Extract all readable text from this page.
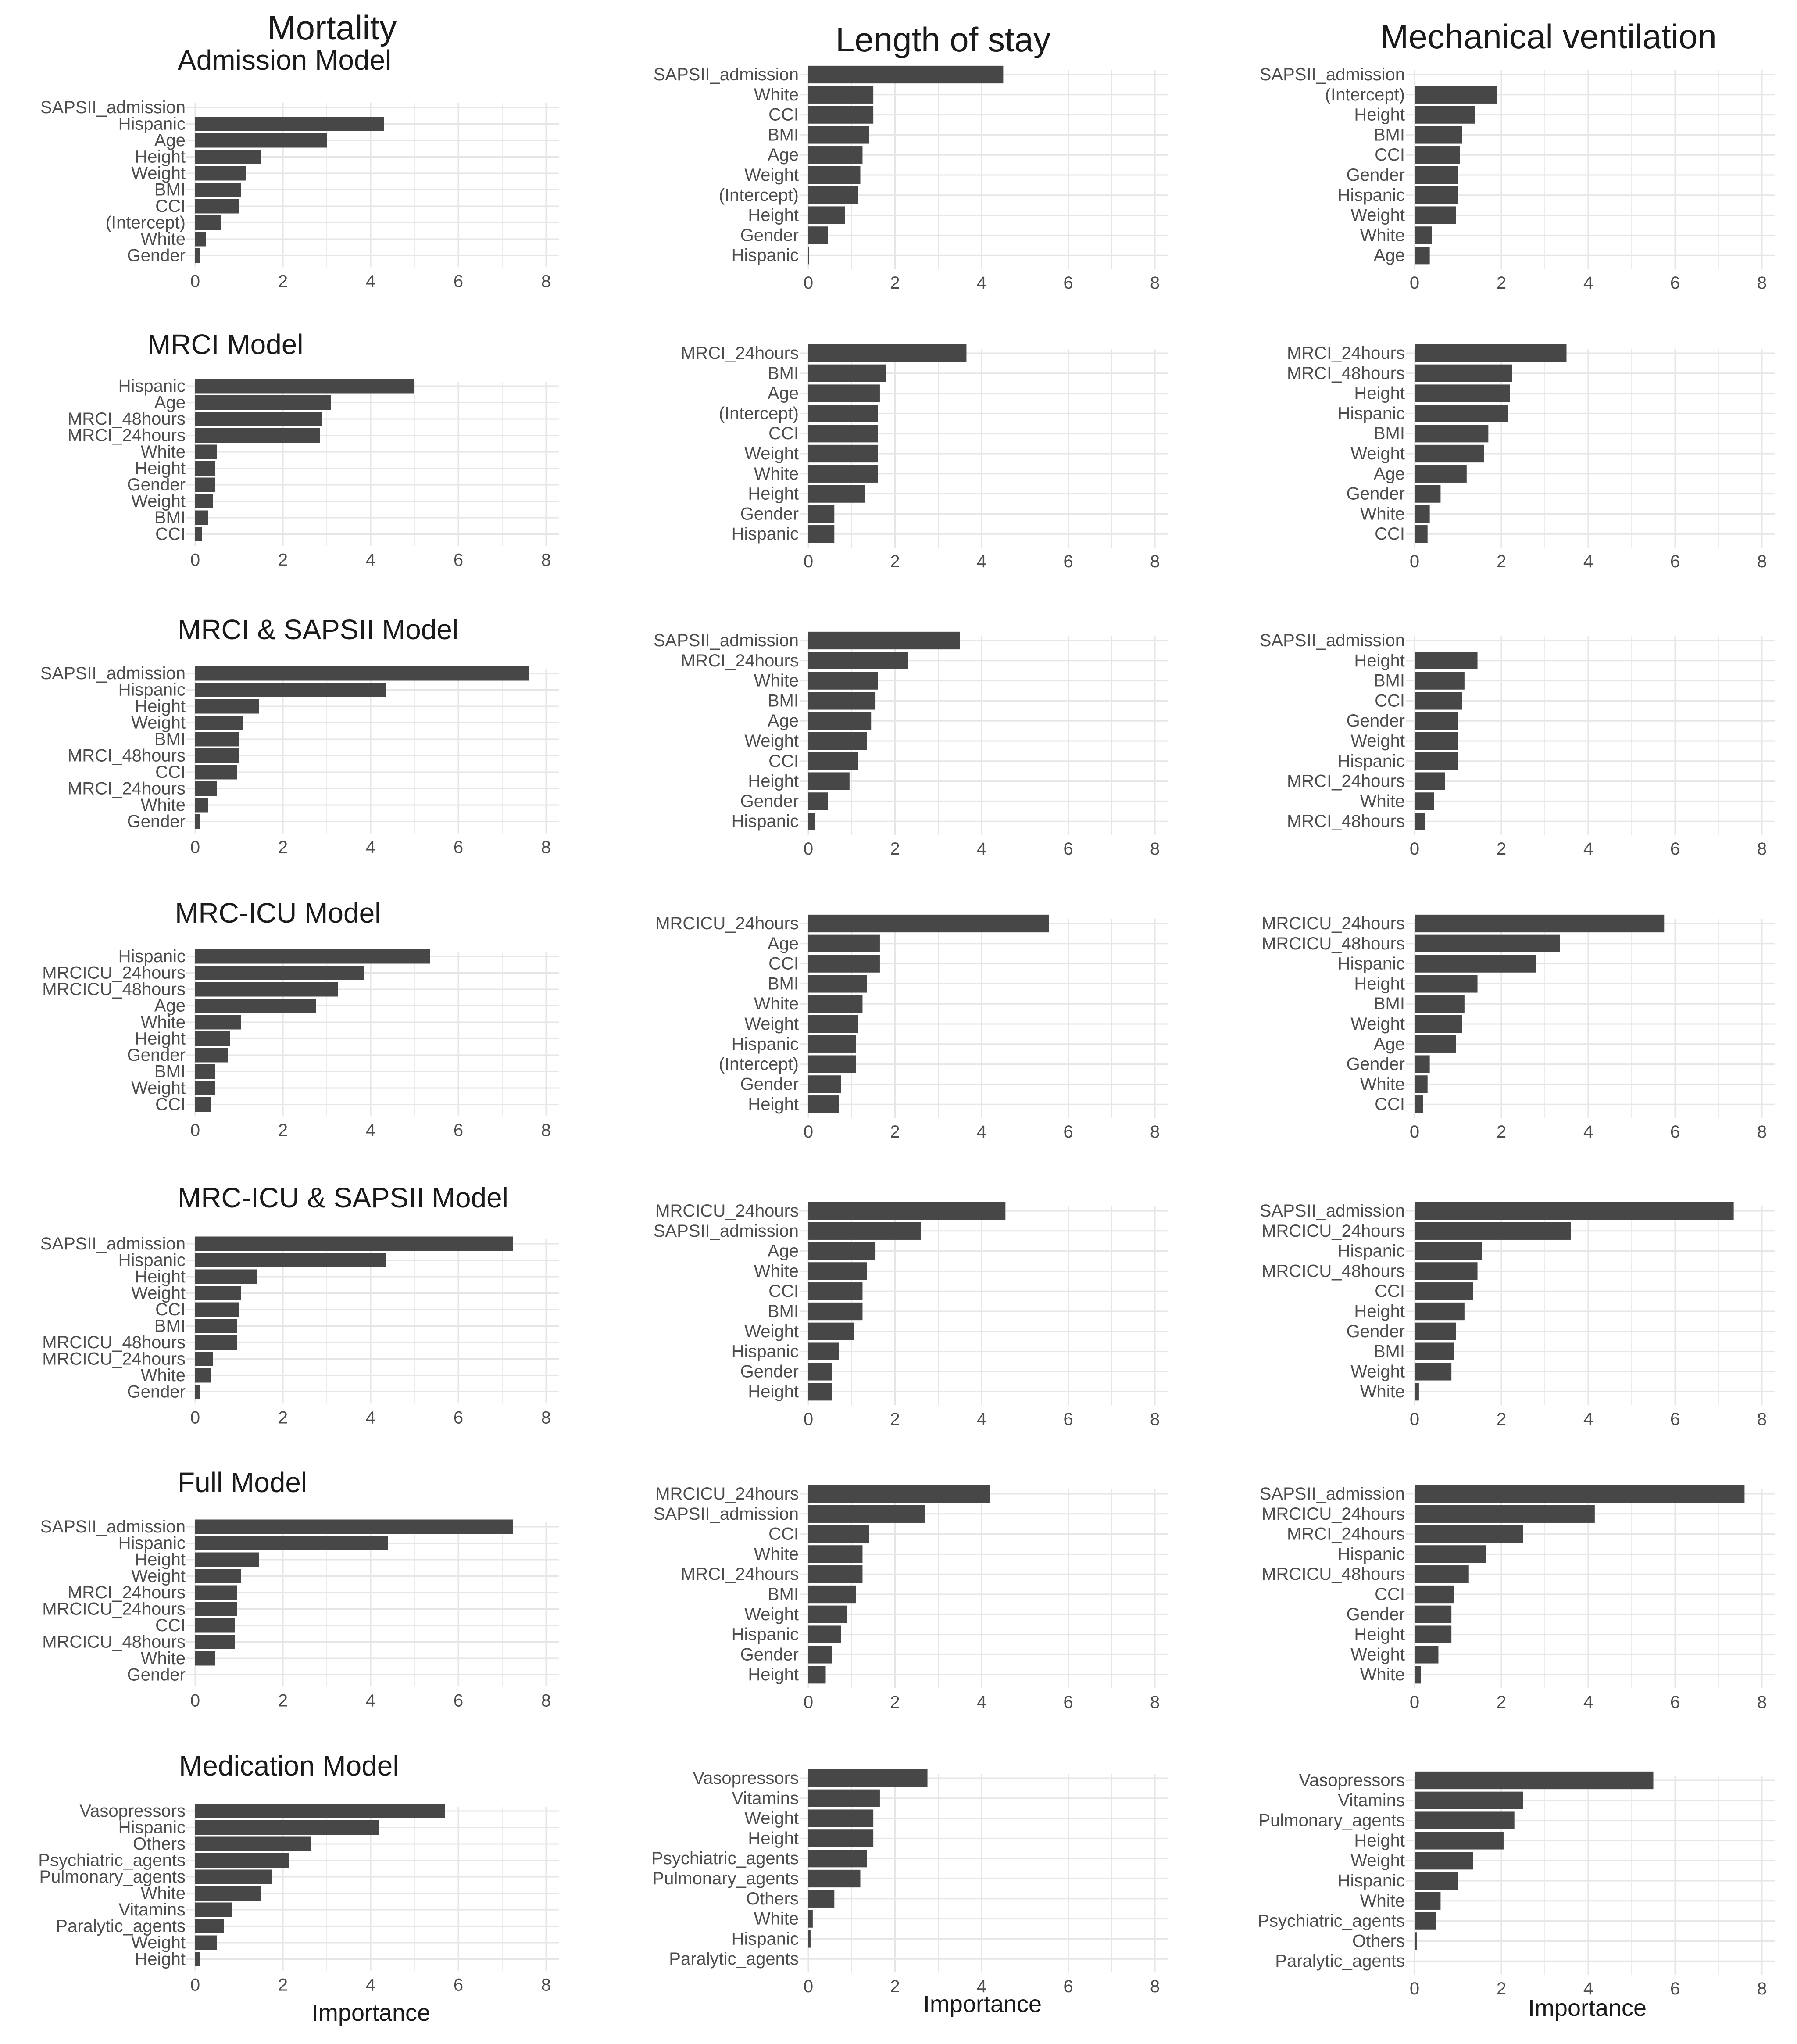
Mortality	Length of stay	Mechanical ventilation
Admission Model
MRCI Model
MRCI & SAPSII Model
MRC-ICU Model
MRC-ICU & SAPSII Model
Full Model
Medication Model
Importance	Importance	Importance
SAPSII_admission
Hispanic
Age
Height
Weight
BMI
CCI
(Intercept)
White
Gender
0	2	4	6	8
SAPSII_admission
White
CCI
BMI
Age
Weight
(Intercept)
Height
Gender
Hispanic
0	2	4	6	8
SAPSII_admission
(Intercept)
Height
BMI
CCI
Gender
Hispanic
Weight
White
Age
0	2	4	6	8
Hispanic
Age
MRCI_48hours
MRCI_24hours
White
Height
Gender
Weight
BMI
CCI
0	2	4	6	8
MRCI_24hours
BMI
Age
(Intercept)
CCI
Weight
White
Height
Gender
Hispanic
0	2	4	6	8
MRCI_24hours
MRCI_48hours
Height
Hispanic
BMI
Weight
Age
Gender
White
CCI
0	2	4	6	8
SAPSII_admission
Hispanic
Height
Weight
BMI
MRCI_48hours
CCI
MRCI_24hours
White
Gender
0	2	4	6	8
SAPSII_admission
MRCI_24hours
White
BMI
Age
Weight
CCI
Height
Gender
Hispanic
0	2	4	6	8
SAPSII_admission
Height
BMI
CCI
Gender
Weight
Hispanic
MRCI_24hours
White
MRCI_48hours
0	2	4	6	8
Hispanic
MRCICU_24hours
MRCICU_48hours
Age
White
Height
Gender
BMI
Weight
CCI
0	2	4	6	8
MRCICU_24hours
Age
CCI
BMI
White
Weight
Hispanic
(Intercept)
Gender
Height
0	2	4	6	8
MRCICU_24hours
MRCICU_48hours
Hispanic
Height
BMI
Weight
Age
Gender
White
CCI
0	2	4	6	8
SAPSII_admission
Hispanic
Height
Weight
CCI
BMI
MRCICU_48hours
MRCICU_24hours
White
Gender
0	2	4	6	8
MRCICU_24hours
SAPSII_admission
Age
White
CCI
BMI
Weight
Hispanic
Gender
Height
0	2	4	6	8
SAPSII_admission
MRCICU_24hours
Hispanic
MRCICU_48hours
CCI
Height
Gender
BMI
Weight
White
0	2	4	6	8
SAPSII_admission
Hispanic
Height
Weight
MRCI_24hours
MRCICU_24hours
CCI
MRCICU_48hours
White
Gender
0	2	4	6	8
MRCICU_24hours
SAPSII_admission
CCI
White
MRCI_24hours
BMI
Weight
Hispanic
Gender
Height
0	2	4	6	8
SAPSII_admission
MRCICU_24hours
MRCI_24hours
Hispanic
MRCICU_48hours
CCI
Gender
Height
Weight
White
0	2	4	6	8
Vasopressors
Hispanic
Others
Psychiatric_agents
Pulmonary_agents
White
Vitamins
Paralytic_agents
Weight
Height
0	2	4	6	8
Vasopressors
Vitamins
Weight
Height
Psychiatric_agents
Pulmonary_agents
Others
White
Hispanic
Paralytic_agents
0	2	4	6	8
Vasopressors
Vitamins
Pulmonary_agents
Height
Weight
Hispanic
White
Psychiatric_agents
Others
Paralytic_agents
0	2	4	6	8
